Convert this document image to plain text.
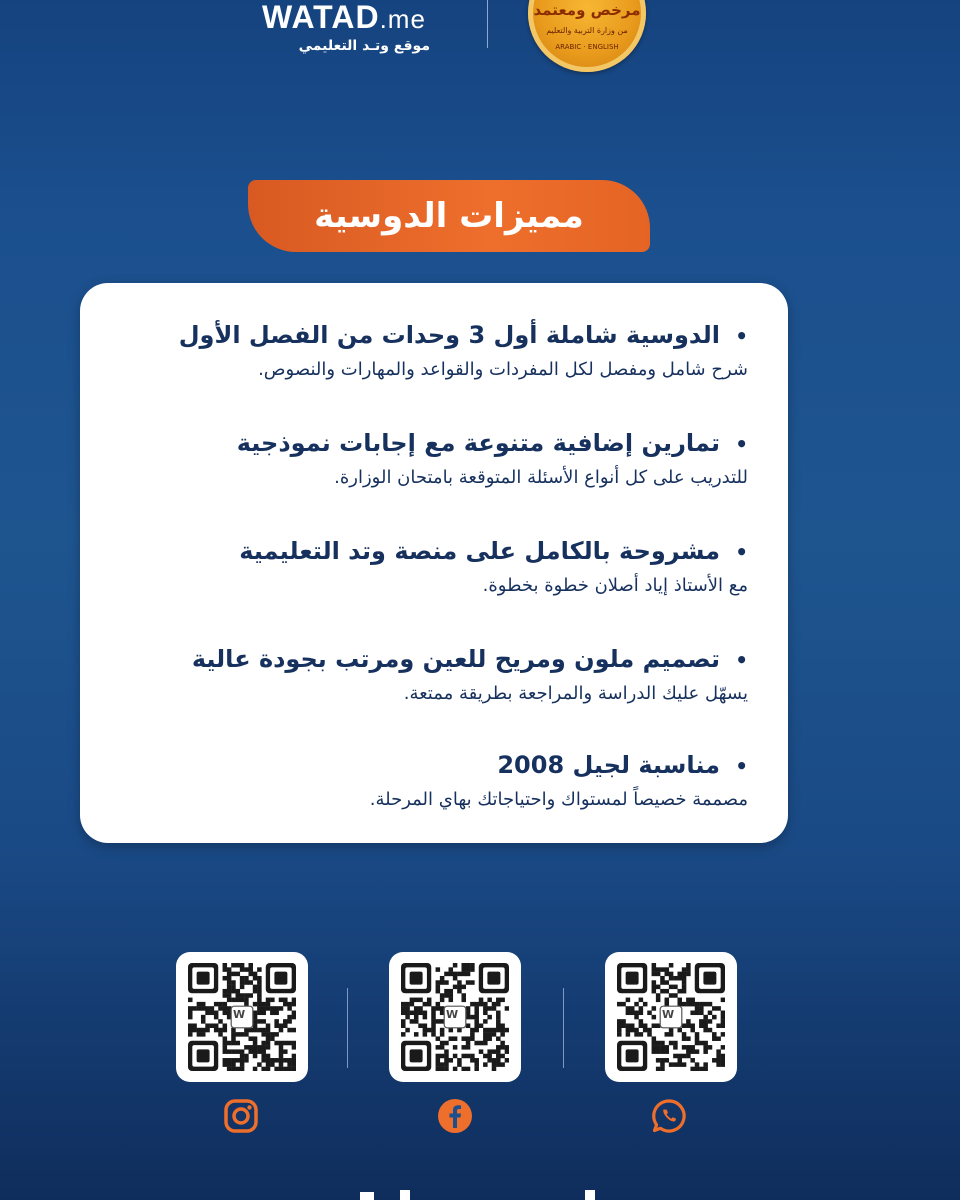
WATAD.me
موقع وتـد التعليمي
مرخص ومعتمد
من وزارة التربية والتعليم
ARABIC · ENGLISH
مميزات الدوسية
•الدوسية شاملة أول 3 وحدات من الفصل الأول
شرح شامل ومفصل لكل المفردات والقواعد والمهارات والنصوص.
•تمارين إضافية متنوعة مع إجابات نموذجية
للتدريب على كل أنواع الأسئلة المتوقعة بامتحان الوزارة.
•مشروحة بالكامل على منصة وتد التعليمية
مع الأستاذ إياد أصلان خطوة بخطوة.
•تصميم ملون ومريح للعين ومرتب بجودة عالية
يسهّل عليك الدراسة والمراجعة بطريقة ممتعة.
•مناسبة لجيل 2008
مصممة خصيصاً لمستواك واحتياجاتك بهاي المرحلة.
W	W	W
